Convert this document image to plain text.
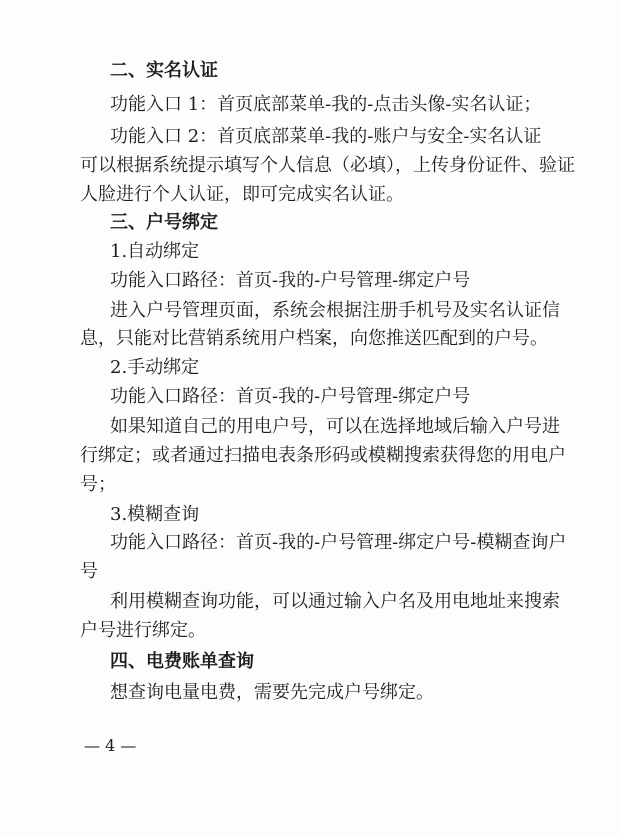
二、实名认证
功能入口 1：首页底部菜单-我的-点击头像-实名认证；
功能入口 2：首页底部菜单-我的-账户与安全-实名认证
可以根据系统提示填写个人信息（必填），上传身份证件、验证
人脸进行个人认证，即可完成实名认证。
三、户号绑定
1.自动绑定
功能入口路径：首页-我的-户号管理-绑定户号
进入户号管理页面，系统会根据注册手机号及实名认证信
息，只能对比营销系统用户档案，向您推送匹配到的户号。
2.手动绑定
功能入口路径：首页-我的-户号管理-绑定户号
如果知道自己的用电户号，可以在选择地域后输入户号进
行绑定；或者通过扫描电表条形码或模糊搜索获得您的用电户
号；
3.模糊查询
功能入口路径：首页-我的-户号管理-绑定户号-模糊查询户
号
利用模糊查询功能，可以通过输入户名及用电地址来搜索
户号进行绑定。
四、电费账单查询
想查询电量电费，需要先完成户号绑定。
— 4 —
